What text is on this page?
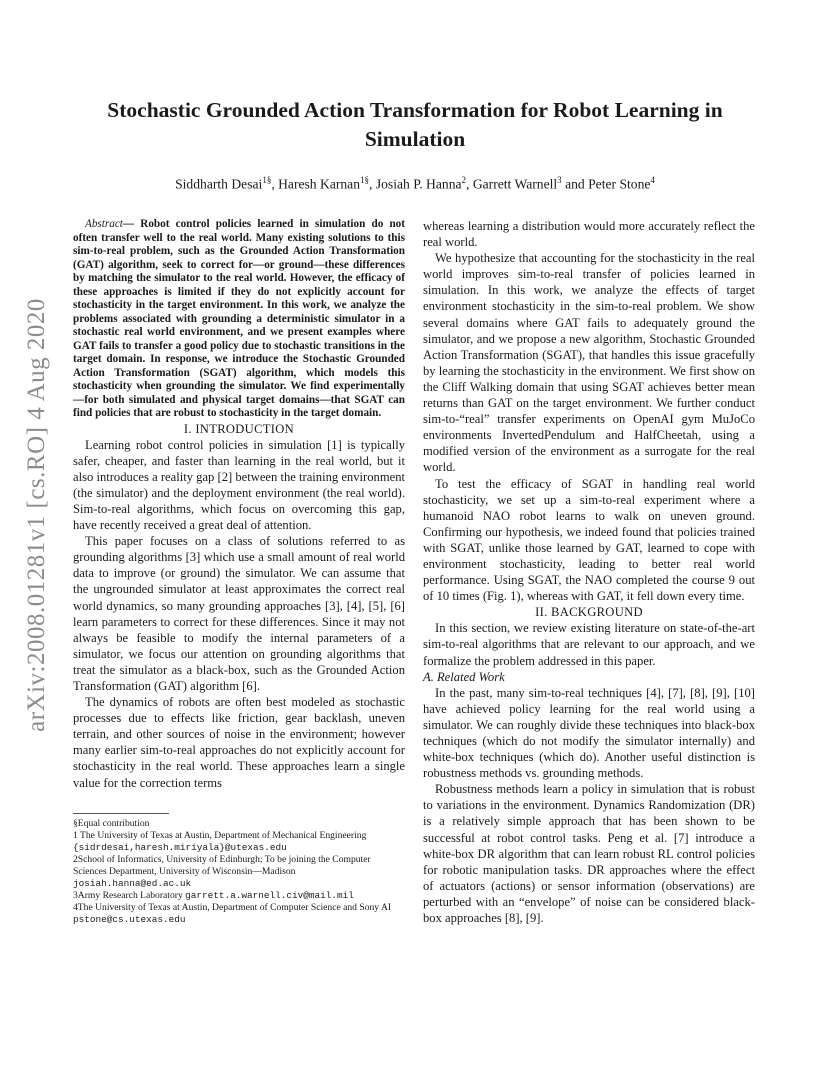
arXiv:2008.01281v1 [cs.RO] 4 Aug 2020
Stochastic Grounded Action Transformation for Robot Learning in Simulation
Siddharth Desai$^{1\S}$, Haresh Karnan$^{1\S}$, Josiah P. Hanna$^2$, Garrett Warnell$^3$ and Peter Stone$^4$

Abstract— Robot control policies learned in simulation do not often transfer well to the real world. Many existing solutions to this sim-to-real problem, such as the Grounded Action Transformation (GAT) algorithm, seek to correct for—or ground—these differences by matching the simulator to the real world. However, the efficacy of these approaches is limited if they do not explicitly account for stochasticity in the target environment. In this work, we analyze the problems associated with grounding a deterministic simulator in a stochastic real world environment, and we present examples where GAT fails to transfer a good policy due to stochastic transitions in the target domain. In response, we introduce the Stochastic Grounded Action Transformation (SGAT) algorithm, which models this stochasticity when grounding the simulator. We find experimentally—for both simulated and physical target domains—that SGAT can find policies that are robust to stochasticity in the target domain.

I. INTRODUCTION

Learning robot control policies in simulation [1] is typically safer, cheaper, and faster than learning in the real world, but it also introduces a reality gap [2] between the training environment (the simulator) and the deployment environment (the real world). Sim-to-real algorithms, which focus on overcoming this gap, have recently received a great deal of attention.

This paper focuses on a class of solutions referred to as grounding algorithms [3] which use a small amount of real world data to improve (or ground) the simulator. We can assume that the ungrounded simulator at least approximates the correct real world dynamics, so many grounding approaches [3], [4], [5], [6] learn parameters to correct for these differences. Since it may not always be feasible to modify the internal parameters of a simulator, we focus our attention on grounding algorithms that treat the simulator as a black-box, such as the Grounded Action Transformation (GAT) algorithm [6].

The dynamics of robots are often best modeled as stochastic processes due to effects like friction, gear backlash, uneven terrain, and other sources of noise in the environment; however many earlier sim-to-real approaches do not explicitly account for stochasticity in the real world. These approaches learn a single value for the correction terms

§Equal contribution
1 The University of Texas at Austin, Department of Mechanical Engineering {sidrdesai,haresh.miriyala}@utexas.edu
2School of Informatics, University of Edinburgh; To be joining the Computer Sciences Department, University of Wisconsin—Madison josiah.hanna@ed.ac.uk
3Army Research Laboratory garrett.a.warnell.civ@mail.mil
4The University of Texas at Austin, Department of Computer Science and Sony AI pstone@cs.utexas.edu

whereas learning a distribution would more accurately reflect the real world.

We hypothesize that accounting for the stochasticity in the real world improves sim-to-real transfer of policies learned in simulation. In this work, we analyze the effects of target environment stochasticity in the sim-to-real problem. We show several domains where GAT fails to adequately ground the simulator, and we propose a new algorithm, Stochastic Grounded Action Transformation (SGAT), that handles this issue gracefully by learning the stochasticity in the environment. We first show on the Cliff Walking domain that using SGAT achieves better mean returns than GAT on the target environment. We further conduct sim-to-“real” transfer experiments on OpenAI gym MuJoCo environments InvertedPendulum and HalfCheetah, using a modified version of the environment as a surrogate for the real world.

To test the efficacy of SGAT in handling real world stochasticity, we set up a sim-to-real experiment where a humanoid NAO robot learns to walk on uneven ground. Confirming our hypothesis, we indeed found that policies trained with SGAT, unlike those learned by GAT, learned to cope with environment stochasticity, leading to better real world performance. Using SGAT, the NAO completed the course 9 out of 10 times (Fig. 1), whereas with GAT, it fell down every time.

II. BACKGROUND

In this section, we review existing literature on state-of-the-art sim-to-real algorithms that are relevant to our approach, and we formalize the problem addressed in this paper.

A. Related Work

In the past, many sim-to-real techniques [4], [7], [8], [9], [10] have achieved policy learning for the real world using a simulator. We can roughly divide these techniques into black-box techniques (which do not modify the simulator internally) and white-box techniques (which do). Another useful distinction is robustness methods vs. grounding methods.

Robustness methods learn a policy in simulation that is robust to variations in the environment. Dynamics Randomization (DR) is a relatively simple approach that has been shown to be successful at robot control tasks. Peng et al. [7] introduce a white-box DR algorithm that can learn robust RL control policies for robotic manipulation tasks. DR approaches where the effect of actuators (actions) or sensor information (observations) are perturbed with an “envelope” of noise can be considered black-box approaches [8], [9].
